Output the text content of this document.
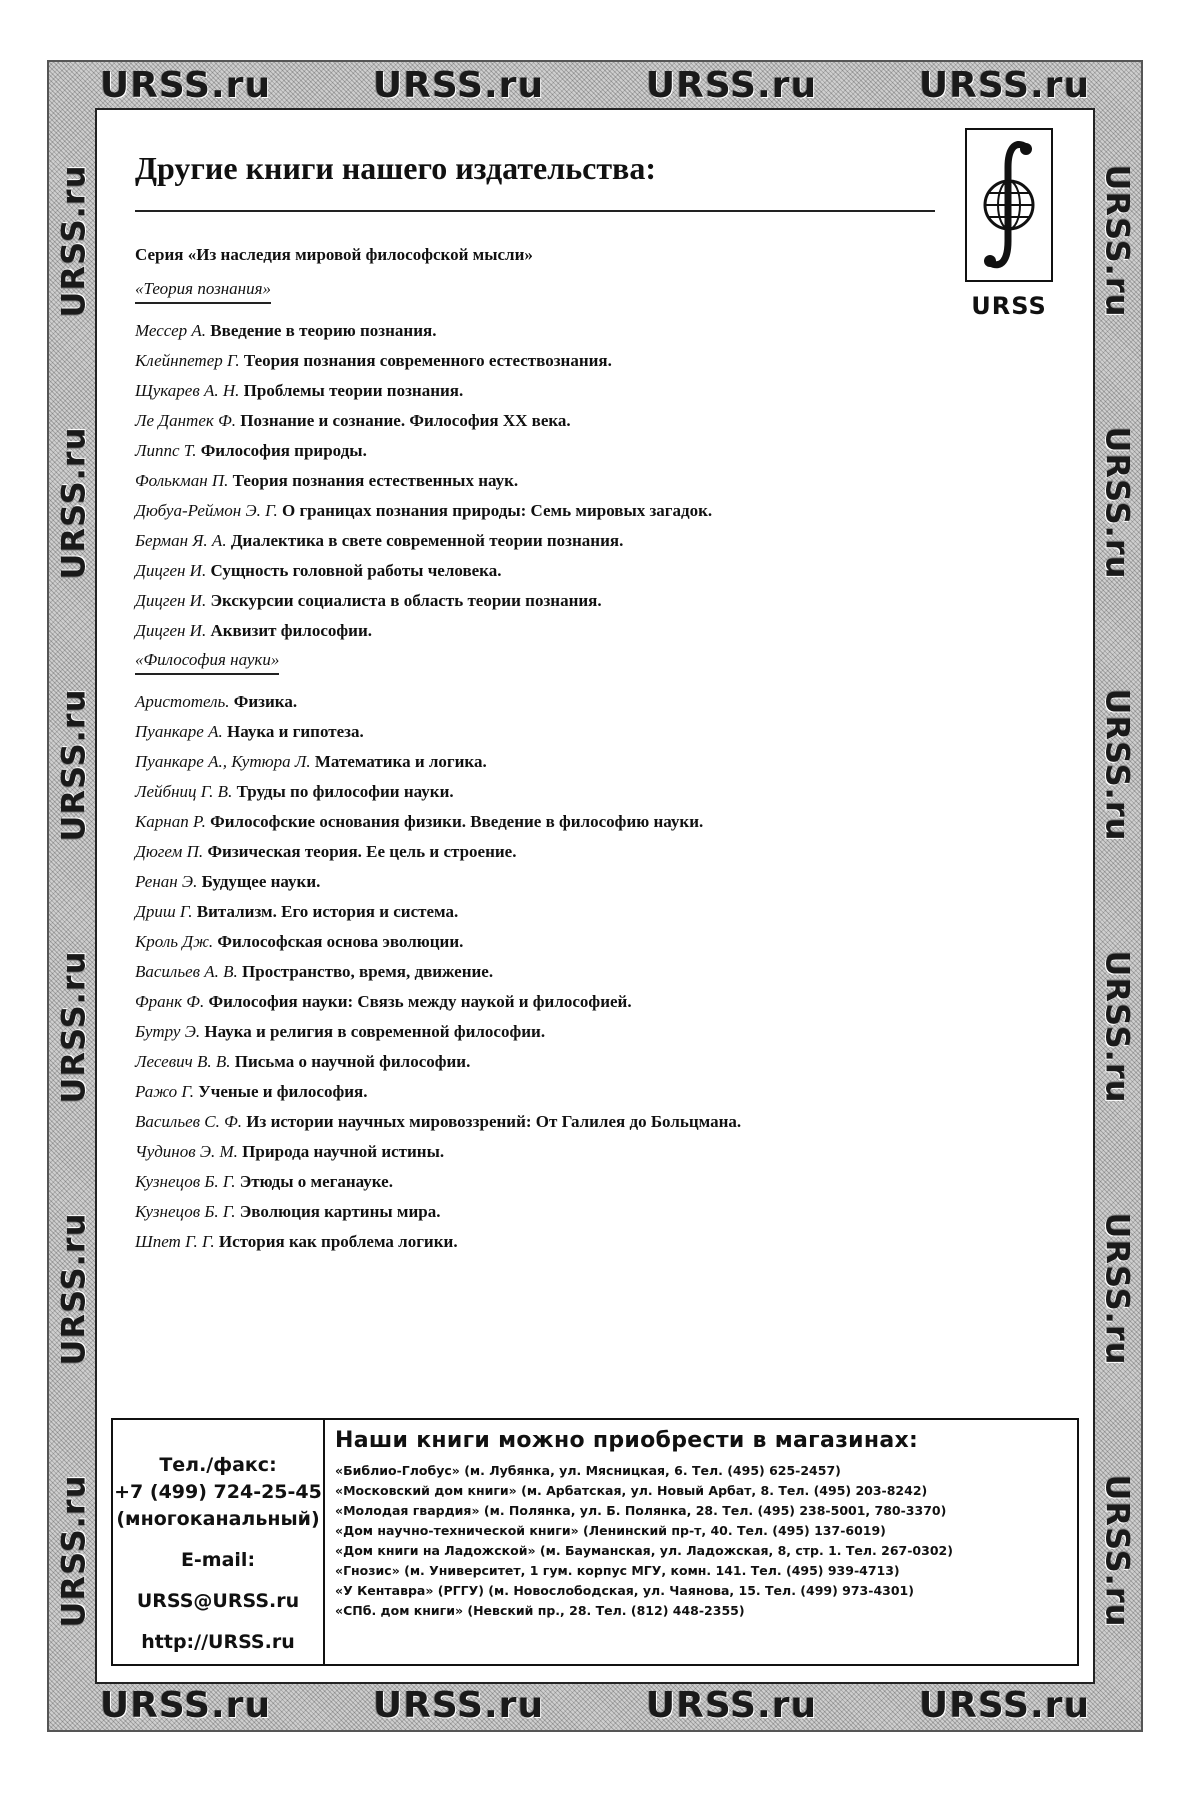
URSS.ru	URSS.ru	URSS.ru	URSS.ru
URSS.ru	URSS.ru	URSS.ru	URSS.ru
URSS.ru
URSS.ru
URSS.ru
URSS.ru
URSS.ru
URSS.ru
URSS.ru
URSS.ru
URSS.ru
URSS.ru
URSS.ru
URSS.ru
Другие книги нашего издательства:
URSS
Серия «Из наследия мировой философской мысли»
«Теория познания»
Мессер А. Введение в теорию познания.
Клейнпетер Г. Теория познания современного естествознания.
Щукарев А. Н. Проблемы теории познания.
Ле Дантек Ф. Познание и сознание. Философия XX века.
Липпс Т. Философия природы.
Фолькман П. Теория познания естественных наук.
Дюбуа-Реймон Э. Г. О границах познания природы: Семь мировых загадок.
Берман Я. А. Диалектика в свете современной теории познания.
Дицген И. Сущность головной работы человека.
Дицген И. Экскурсии социалиста в область теории познания.
Дицген И. Аквизит философии.
«Философия науки»
Аристотель. Физика.
Пуанкаре А. Наука и гипотеза.
Пуанкаре А., Кутюра Л. Математика и логика.
Лейбниц Г. В. Труды по философии науки.
Карнап Р. Философские основания физики. Введение в философию науки.
Дюгем П. Физическая теория. Ее цель и строение.
Ренан Э. Будущее науки.
Дриш Г. Витализм. Его история и система.
Кроль Дж. Философская основа эволюции.
Васильев А. В. Пространство, время, движение.
Франк Ф. Философия науки: Связь между наукой и философией.
Бутру Э. Наука и религия в современной философии.
Лесевич В. В. Письма о научной философии.
Ражо Г. Ученые и философия.
Васильев С. Ф. Из истории научных мировоззрений: От Галилея до Больцмана.
Чудинов Э. М. Природа научной истины.
Кузнецов Б. Г. Этюды о меганауке.
Кузнецов Б. Г. Эволюция картины мира.
Шпет Г. Г. История как проблема логики.
Тел./факс:
+7 (499) 724-25-45
(многоканальный)
E-mail:
URSS@URSS.ru
http://URSS.ru
Наши книги можно приобрести в магазинах:
«Библио-Глобус» (м. Лубянка, ул. Мясницкая, 6. Тел. (495) 625-2457)
«Московский дом книги» (м. Арбатская, ул. Новый Арбат, 8. Тел. (495) 203-8242)
«Молодая гвардия» (м. Полянка, ул. Б. Полянка, 28. Тел. (495) 238-5001, 780-3370)
«Дом научно-технической книги» (Ленинский пр-т, 40. Тел. (495) 137-6019)
«Дом книги на Ладожской» (м. Бауманская, ул. Ладожская, 8, стр. 1. Тел. 267-0302)
«Гнозис» (м. Университет, 1 гум. корпус МГУ, комн. 141. Тел. (495) 939-4713)
«У Кентавра» (РГГУ) (м. Новослободская, ул. Чаянова, 15. Тел. (499) 973-4301)
«СПб. дом книги» (Невский пр., 28. Тел. (812) 448-2355)
